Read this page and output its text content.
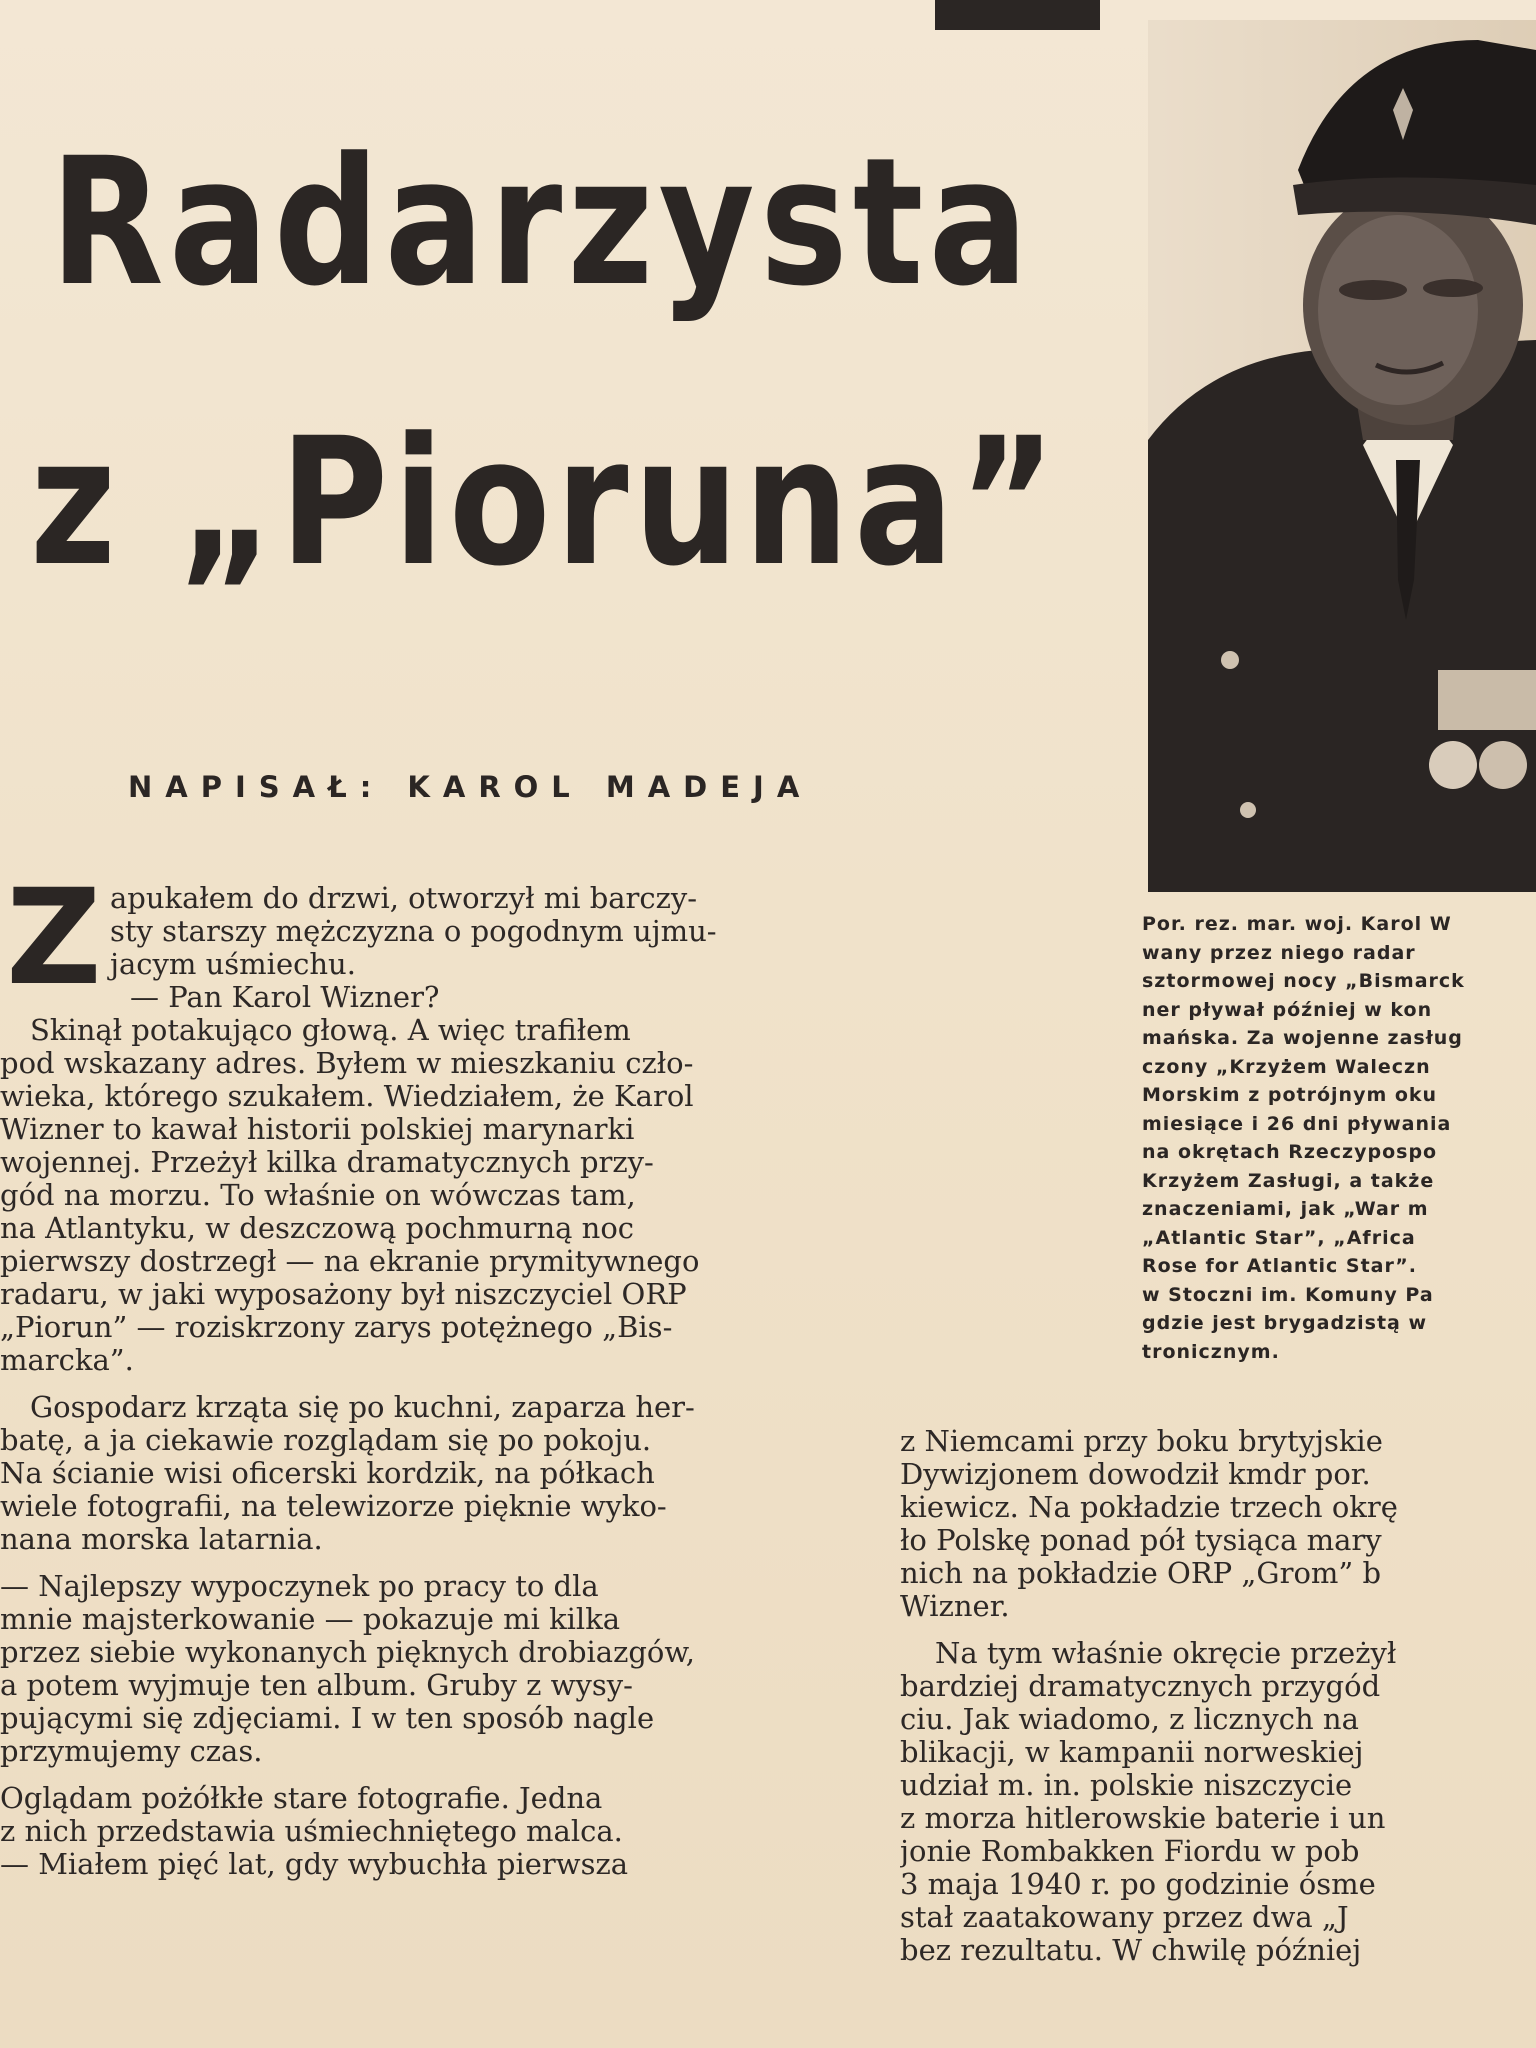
Radarzysta
z „Pioruna”
NAPISAŁ: KAROL MADEJA

Por. rez. mar. woj. Karol W

wany przez niego radar

sztormowej nocy „Bismarck

ner pływał później w kon

mańska. Za wojenne zasług

czony „Krzyżem Waleczn

Morskim z potrójnym oku

miesiące i 26 dni pływania

na okrętach Rzeczypospo

Krzyżem Zasługi, a także

znaczeniami, jak „War m

„Atlantic Star”, „Africa

Rose for Atlantic Star”.

w Stoczni im. Komuny Pa

gdzie jest brygadzistą w

tronicznym.

Z apukałem do drzwi, otworzył mi barczy-

sty starszy mężczyzna o pogodnym ujmu-

jacym uśmiechu.

— Pan Karol Wizner?

Skinął potakująco głową. A więc trafiłem

pod wskazany adres. Byłem w mieszkaniu czło-

wieka, którego szukałem. Wiedziałem, że Karol

Wizner to kawał historii polskiej marynarki

wojennej. Przeżył kilka dramatycznych przy-

gód na morzu. To właśnie on wówczas tam,

na Atlantyku, w deszczową pochmurną noc

pierwszy dostrzegł — na ekranie prymitywnego

radaru, w jaki wyposażony był niszczyciel ORP

„Piorun” — roziskrzony zarys potężnego „Bis-

marcka”.

Gospodarz krząta się po kuchni, zaparza her-

batę, a ja ciekawie rozglądam się po pokoju.

Na ścianie wisi oficerski kordzik, na półkach

wiele fotografii, na telewizorze pięknie wyko-

nana morska latarnia.

— Najlepszy wypoczynek po pracy to dla

mnie majsterkowanie — pokazuje mi kilka

przez siebie wykonanych pięknych drobiazgów,

a potem wyjmuje ten album. Gruby z wysy-

pującymi się zdjęciami. I w ten sposób nagle

przymujemy czas.

Oglądam pożółkłe stare fotografie. Jedna

z nich przedstawia uśmiechniętego malca.

— Miałem pięć lat, gdy wybuchła pierwsza

z Niemcami przy boku brytyjskie

Dywizjonem dowodził kmdr por.

kiewicz. Na pokładzie trzech okrę

ło Polskę ponad pół tysiąca mary

nich na pokładzie ORP „Grom” b

Wizner.

Na tym właśnie okręcie przeżył

bardziej dramatycznych przygód

ciu. Jak wiadomo, z licznych na

blikacji, w kampanii norweskiej

udział m. in. polskie niszczycie

z morza hitlerowskie baterie i un

jonie Rombakken Fiordu w pob

3 maja 1940 r. po godzinie ósme

stał zaatakowany przez dwa „J

bez rezultatu. W chwilę później
